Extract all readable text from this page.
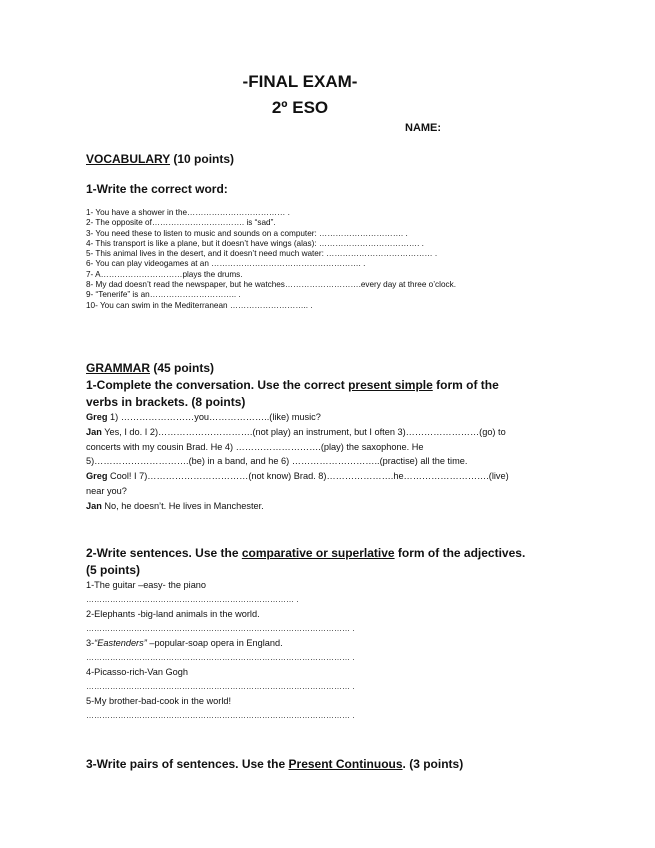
-FINAL EXAM-
2º ESO
NAME:
VOCABULARY (10 points)
1-Write the correct word:
1- You have a shower in the……………………………… .
2- The opposite of……………………………. is “sad”.
3- You need these to listen to music and sounds on a computer: …………………………. .
4- This transport is like a plane, but it doesn’t have wings (alas): ………………………………. .
5- This animal lives in the desert, and it doesn’t need much water: ………………………………… .
6- You can play videogames at an ………………………………………………. .
7- A…………………………plays the drums.
8- My dad doesn’t read the newspaper, but he watches……………………….every day at three o’clock.
9- “Tenerife” is an………………………….. .
10- You can swim in the Mediterranean ……………………….. .
GRAMMAR (45 points)
1-Complete the conversation. Use the correct present simple form of the verbs in brackets. (8 points)
Greg 1) ……………………you………………..(like) music?
Jan Yes, I do. I 2)………………………….(not play) an instrument, but I often 3)……………………(go) to concerts with my cousin Brad. He 4) ……………………….(play) the saxophone. He 5)………………………….(be) in a band, and he 6) ………………………..(practise) all the time.
Greg Cool! I 7)……………………………(not know) Brad. 8)………………….he……………………….(live) near you?
Jan No, he doesn’t. He lives in Manchester.
2-Write sentences. Use the comparative or superlative form of the adjectives. (5 points)
1-The guitar –easy- the piano
…………………………………………………………………… .
2-Elephants -big-land animals in the world.
……………………………………………………………………………………… .
3-“Eastenders” –popular-soap opera in England.
……………………………………………………………………………………… .
4-Picasso-rich-Van Gogh
……………………………………………………………………………………… .
5-My brother-bad-cook in the world!
……………………………………………………………………………………… .
3-Write pairs of sentences. Use the Present Continuous. (3 points)
